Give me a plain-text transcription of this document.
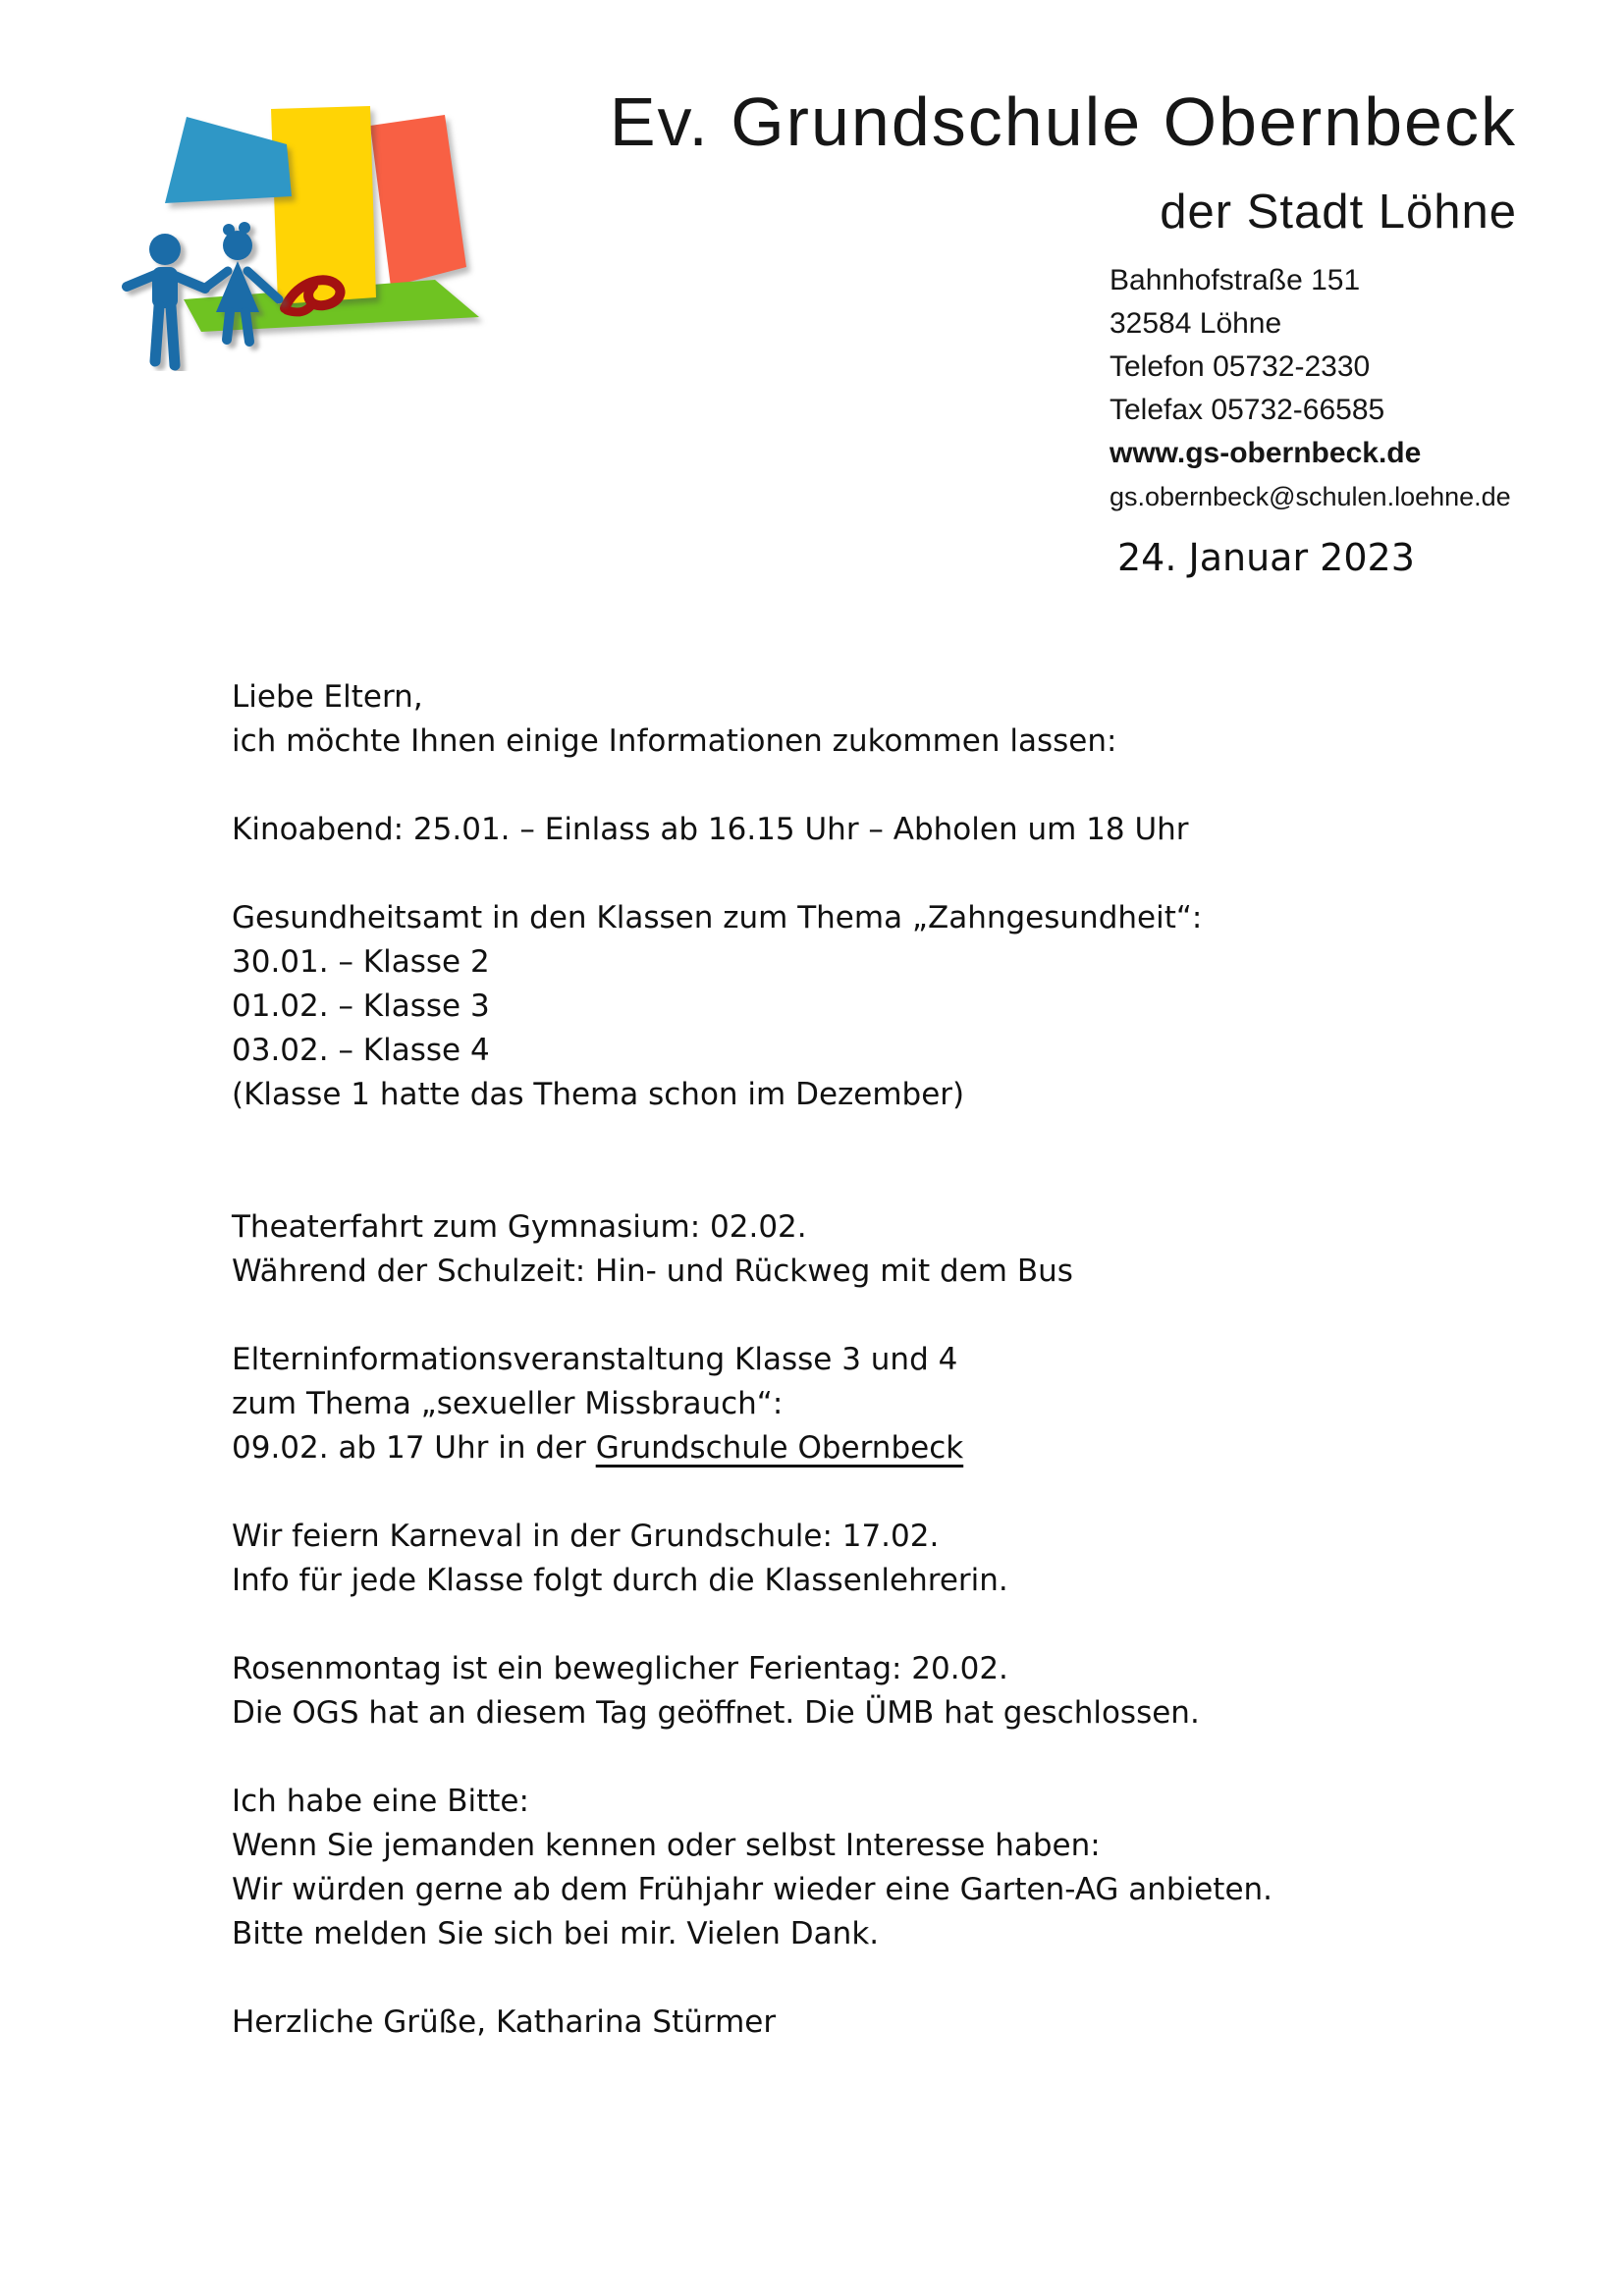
Ev. Grundschule Obernbeck
der Stadt Löhne
Bahnhofstraße 151
32584 Löhne
Telefon 05732-2330
Telefax 05732-66585
www.gs-obernbeck.de
gs.obernbeck@schulen.loehne.de
24. Januar 2023
Liebe Eltern,
ich möchte Ihnen einige Informationen zukommen lassen:
Kinoabend: 25.01. – Einlass ab 16.15 Uhr – Abholen um 18 Uhr
Gesundheitsamt in den Klassen zum Thema „Zahngesundheit“:
30.01. – Klasse 2
01.02. – Klasse 3
03.02. – Klasse 4
(Klasse 1 hatte das Thema schon im Dezember)
Theaterfahrt zum Gymnasium: 02.02.
Während der Schulzeit: Hin- und Rückweg mit dem Bus
Elterninformationsveranstaltung Klasse 3 und 4
zum Thema „sexueller Missbrauch“:
09.02. ab 17 Uhr in der Grundschule Obernbeck
Wir feiern Karneval in der Grundschule: 17.02.
Info für jede Klasse folgt durch die Klassenlehrerin.
Rosenmontag ist ein beweglicher Ferientag: 20.02.
Die OGS hat an diesem Tag geöffnet. Die ÜMB hat geschlossen.
Ich habe eine Bitte:
Wenn Sie jemanden kennen oder selbst Interesse haben:
Wir würden gerne ab dem Frühjahr wieder eine Garten-AG anbieten.
Bitte melden Sie sich bei mir. Vielen Dank.
Herzliche Grüße, Katharina Stürmer
